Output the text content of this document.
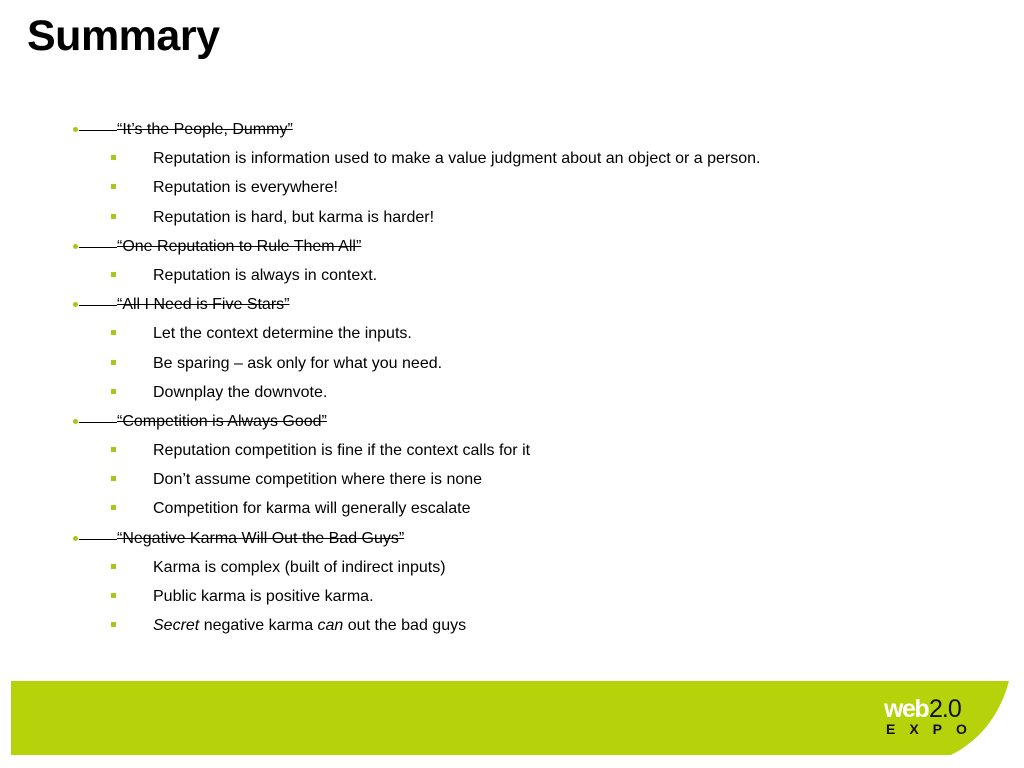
Summary
“It’s the People, Dummy”
Reputation is information used to make a value judgment about an object or a person.
Reputation is everywhere!
Reputation is hard, but karma is harder!
“One Reputation to Rule Them All”
Reputation is always in context.
“All I Need is Five Stars”
Let the context determine the inputs.
Be sparing – ask only for what you need.
Downplay the downvote.
“Competition is Always Good”
Reputation competition is fine if the context calls for it
Don’t assume competition where there is none
Competition for karma will generally escalate
“Negative Karma Will Out the Bad Guys”
Karma is complex (built of indirect inputs)
Public karma is positive karma.
Secret negative karma can out the bad guys
web 2.0
EXPO
